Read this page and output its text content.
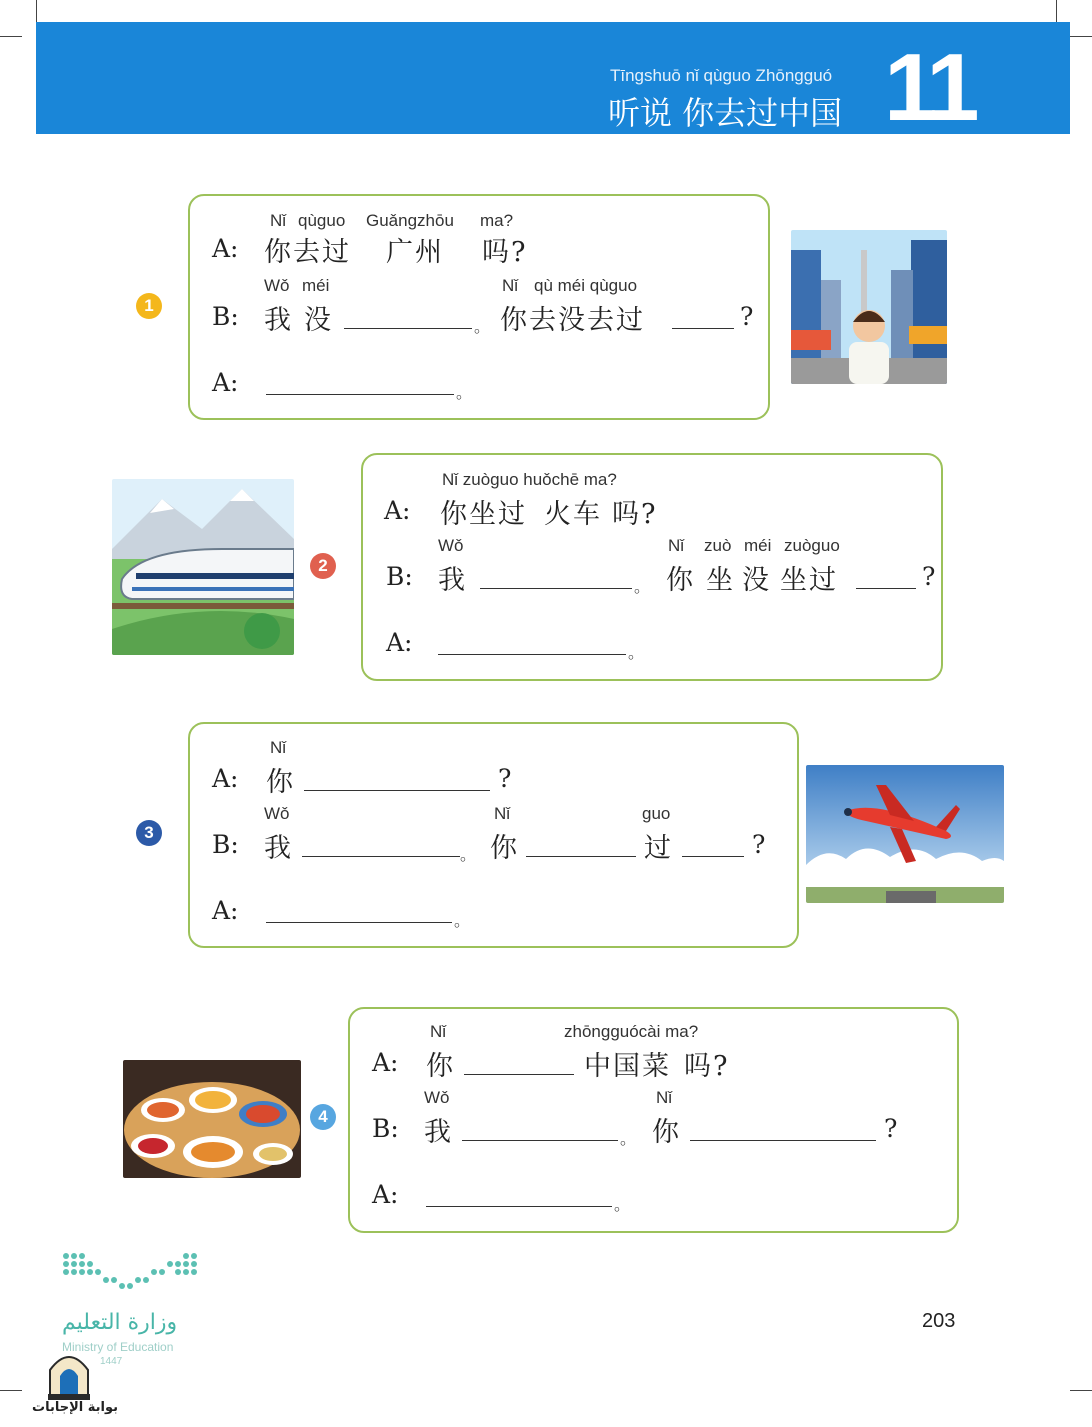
Tīngshuō nǐ qùguo Zhōngguó
听说 你去过中国 11
1
Nǐ qùguo Guǎngzhōu ma?
A: 你去过 广州 吗?
Wǒ méi	Nǐ qù méi qùguo
B: 我 没	。 你去没去过	?
A:	。
2
Nǐ zuòguo huǒchē ma?
A: 你坐过 火车 吗?
Wǒ	Nǐ zuò méi zuòguo
B: 我	。 你 坐 没 坐过	?
A:	。
3
Nǐ
A: 你	?
Wǒ	Nǐ	guo
B: 我	。 你	过	?
A:	。
4
Nǐ	zhōngguócài ma?
A: 你	中国菜 吗?
Wǒ	Nǐ
B: 我	。 你	?
A:	。
وزارة التعليم
Ministry of Education
1447
بوابة الإجابات
203
